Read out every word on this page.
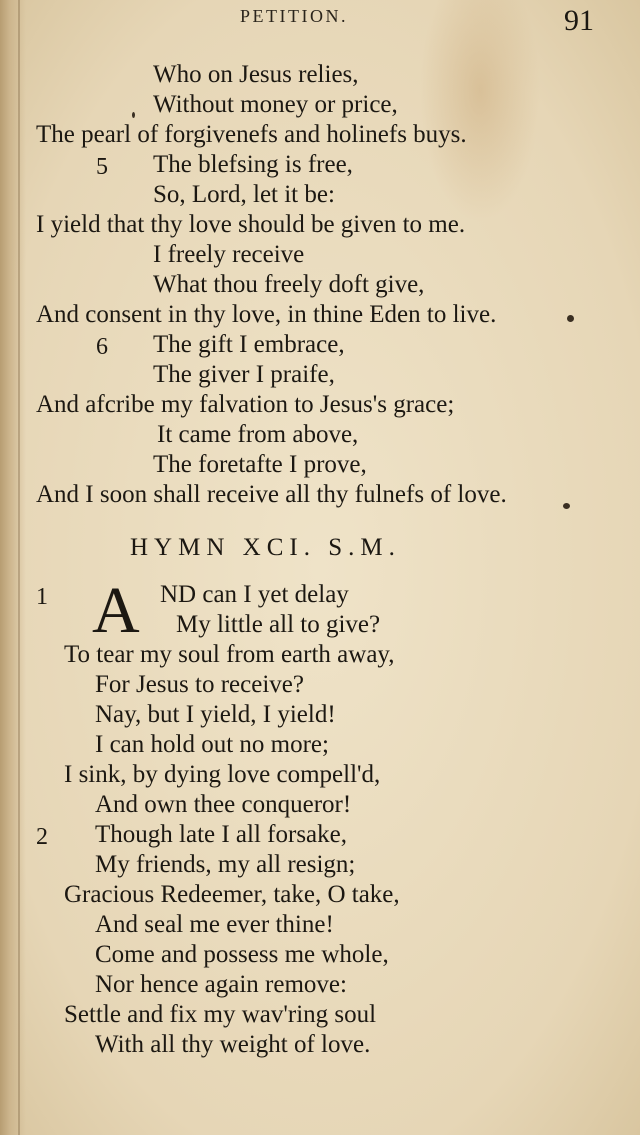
PETITION.	91
Who on Jesus relies,
Without money or price,
The pearl of forgivenefs and holinefs buys.
5 The blefsing is free,
So, Lord, let it be:
I yield that thy love should be given to me.
I freely receive
What thou freely doft give,
And consent in thy love, in thine Eden to live.
6 The gift I embrace,
The giver I praife,
And afcribe my falvation to Jesus's grace;
It came from above,
The foretafte I prove,
And I soon shall receive all thy fulnefs of love.
HYMN XCI. S.M.
1 A ND can I yet delay
My little all to give?
To tear my soul from earth away,
For Jesus to receive?
Nay, but I yield, I yield!
I can hold out no more;
I sink, by dying love compell'd,
And own thee conqueror!
2 Though late I all forsake,
My friends, my all resign;
Gracious Redeemer, take, O take,
And seal me ever thine!
Come and possess me whole,
Nor hence again remove:
Settle and fix my wav'ring soul
With all thy weight of love.
